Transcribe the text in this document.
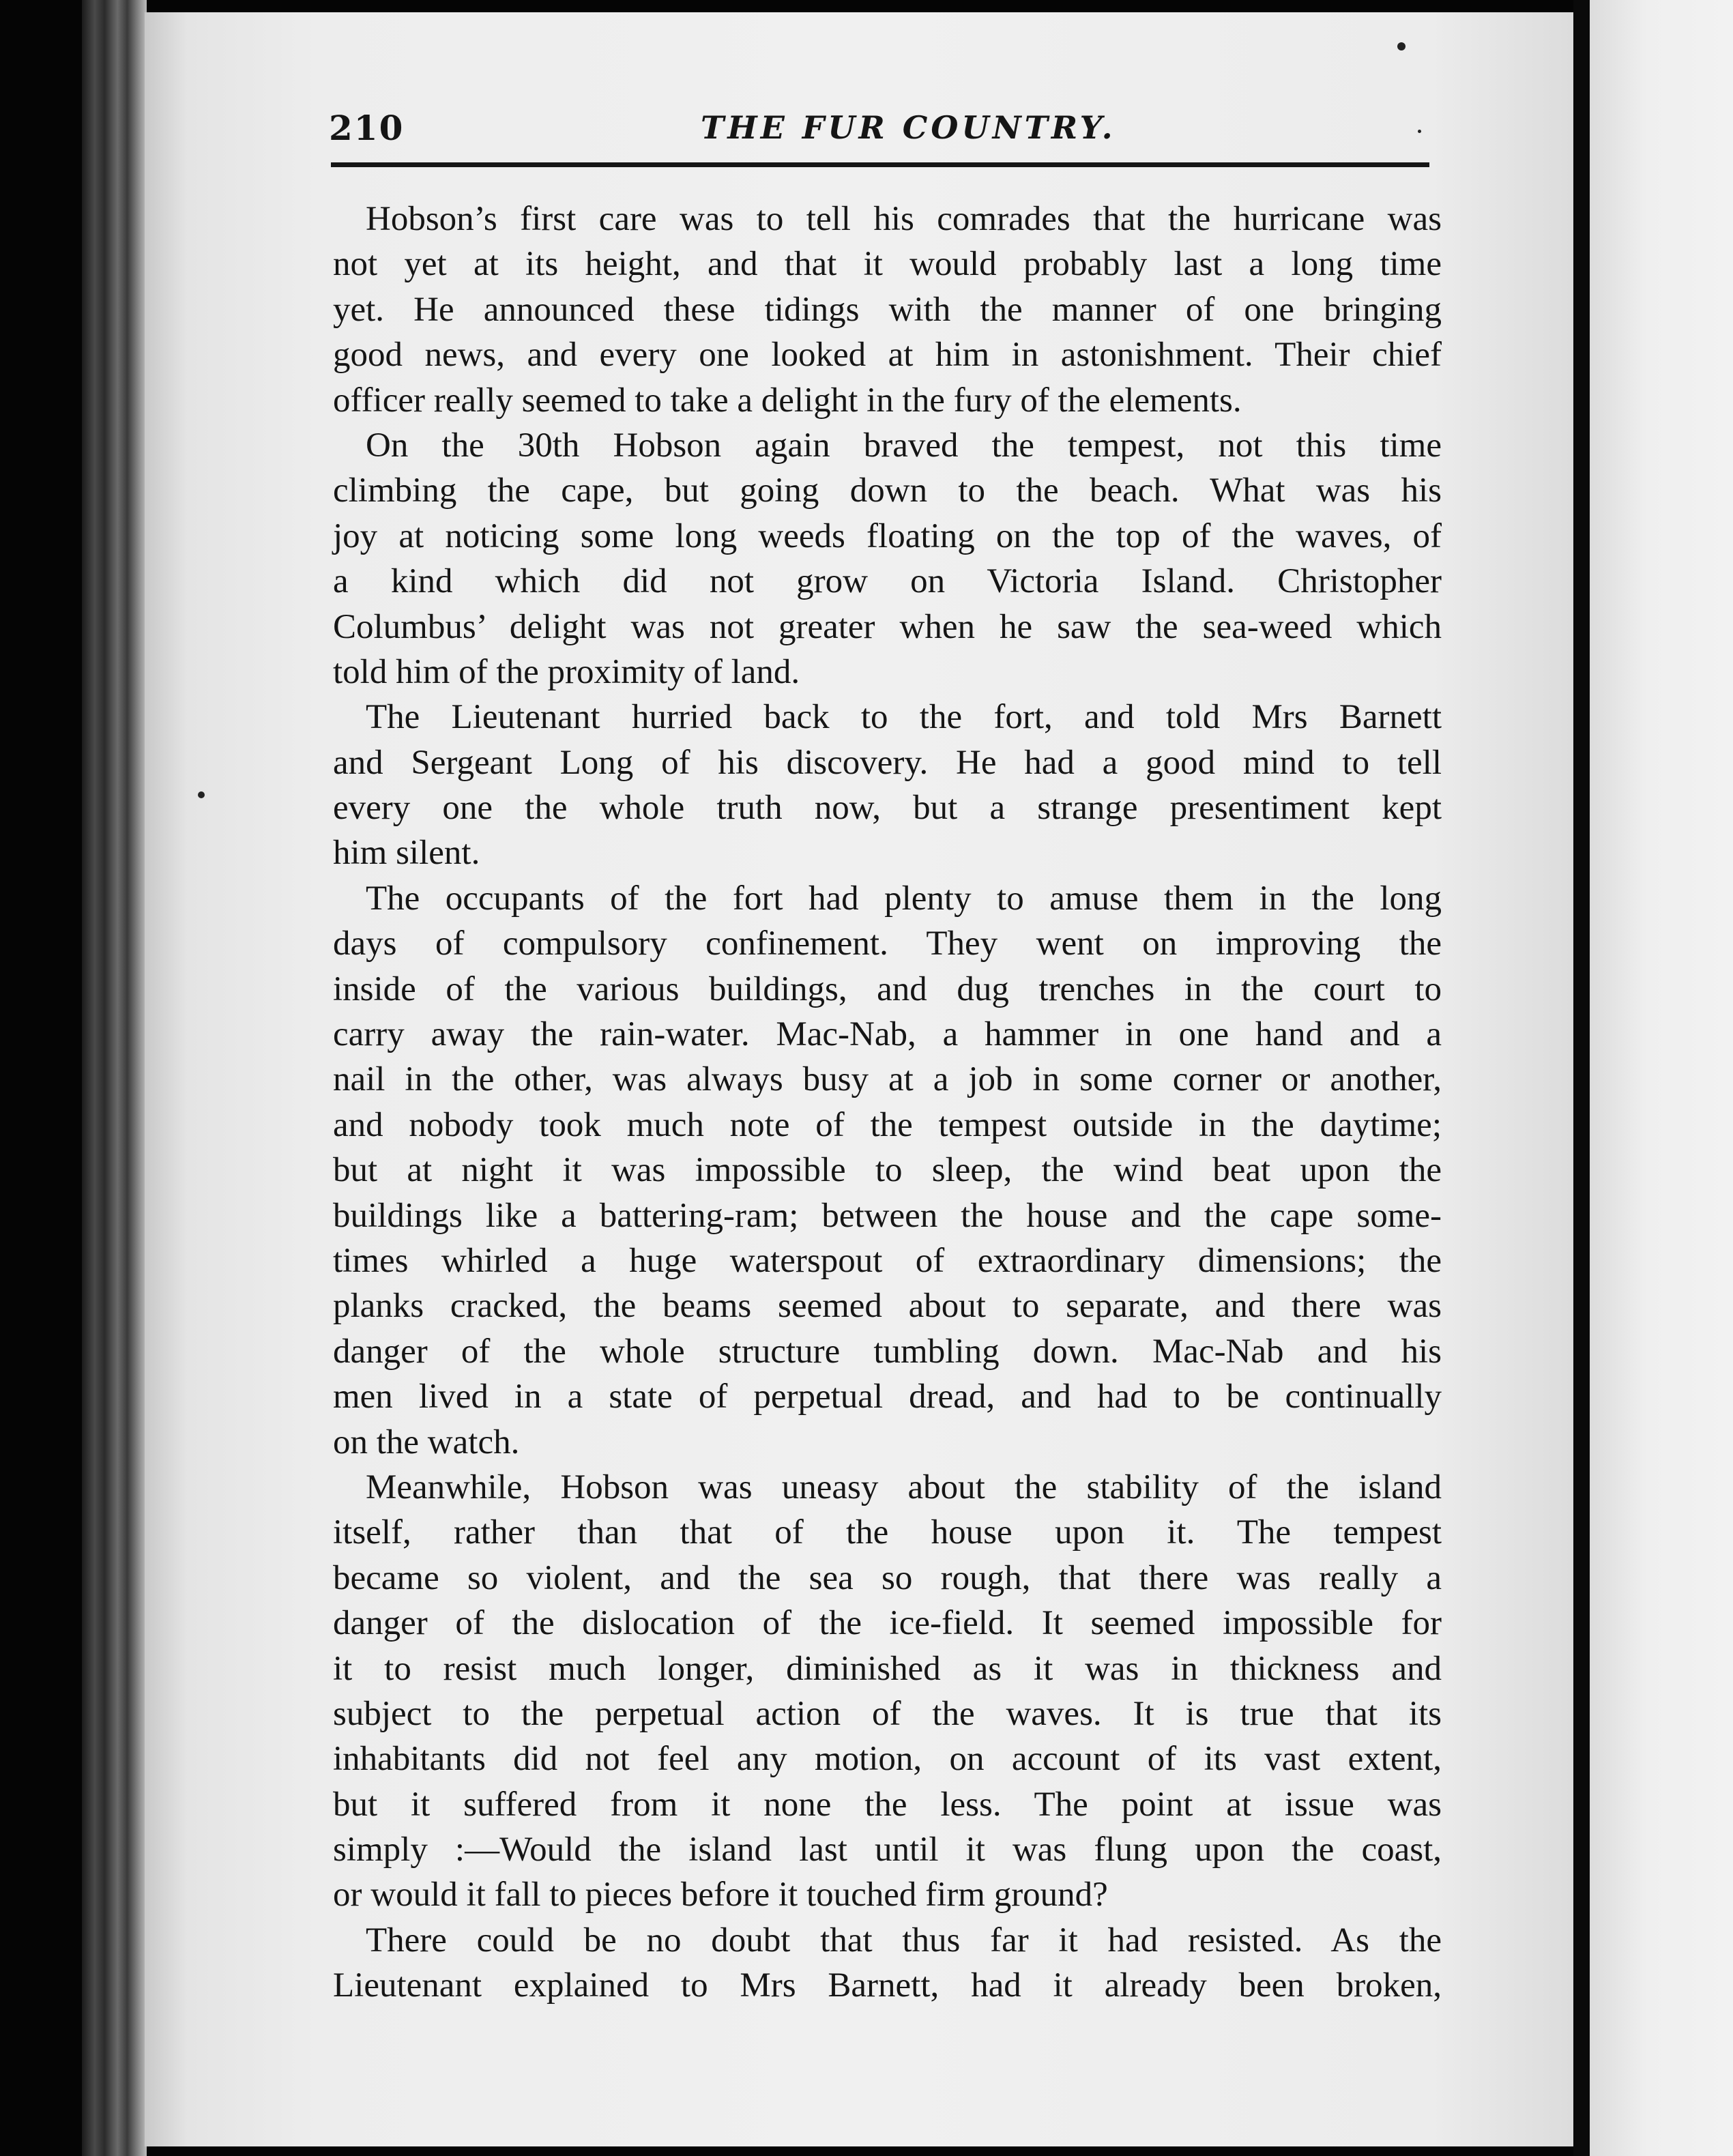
210	THE FUR COUNTRY.
Hobson’s first care was to tell his comrades that the hurricane was
not yet at its height, and that it would probably last a long time
yet. He announced these tidings with the manner of one bringing
good news, and every one looked at him in astonishment. Their chief
officer really seemed to take a delight in the fury of the elements.
On the 30th Hobson again braved the tempest, not this time
climbing the cape, but going down to the beach. What was his
joy at noticing some long weeds floating on the top of the waves, of
a kind which did not grow on Victoria Island. Christopher
Columbus’ delight was not greater when he saw the sea-weed which
told him of the proximity of land.
The Lieutenant hurried back to the fort, and told Mrs Barnett
and Sergeant Long of his discovery. He had a good mind to tell
every one the whole truth now, but a strange presentiment kept
him silent.
The occupants of the fort had plenty to amuse them in the long
days of compulsory confinement. They went on improving the
inside of the various buildings, and dug trenches in the court to
carry away the rain-water. Mac-Nab, a hammer in one hand and a
nail in the other, was always busy at a job in some corner or another,
and nobody took much note of the tempest outside in the daytime;
but at night it was impossible to sleep, the wind beat upon the
buildings like a battering-ram; between the house and the cape some-
times whirled a huge waterspout of extraordinary dimensions; the
planks cracked, the beams seemed about to separate, and there was
danger of the whole structure tumbling down. Mac-Nab and his
men lived in a state of perpetual dread, and had to be continually
on the watch.
Meanwhile, Hobson was uneasy about the stability of the island
itself, rather than that of the house upon it. The tempest
became so violent, and the sea so rough, that there was really a
danger of the dislocation of the ice-field. It seemed impossible for
it to resist much longer, diminished as it was in thickness and
subject to the perpetual action of the waves. It is true that its
inhabitants did not feel any motion, on account of its vast extent,
but it suffered from it none the less. The point at issue was
simply :—Would the island last until it was flung upon the coast,
or would it fall to pieces before it touched firm ground?
There could be no doubt that thus far it had resisted. As the
Lieutenant explained to Mrs Barnett, had it already been broken,
